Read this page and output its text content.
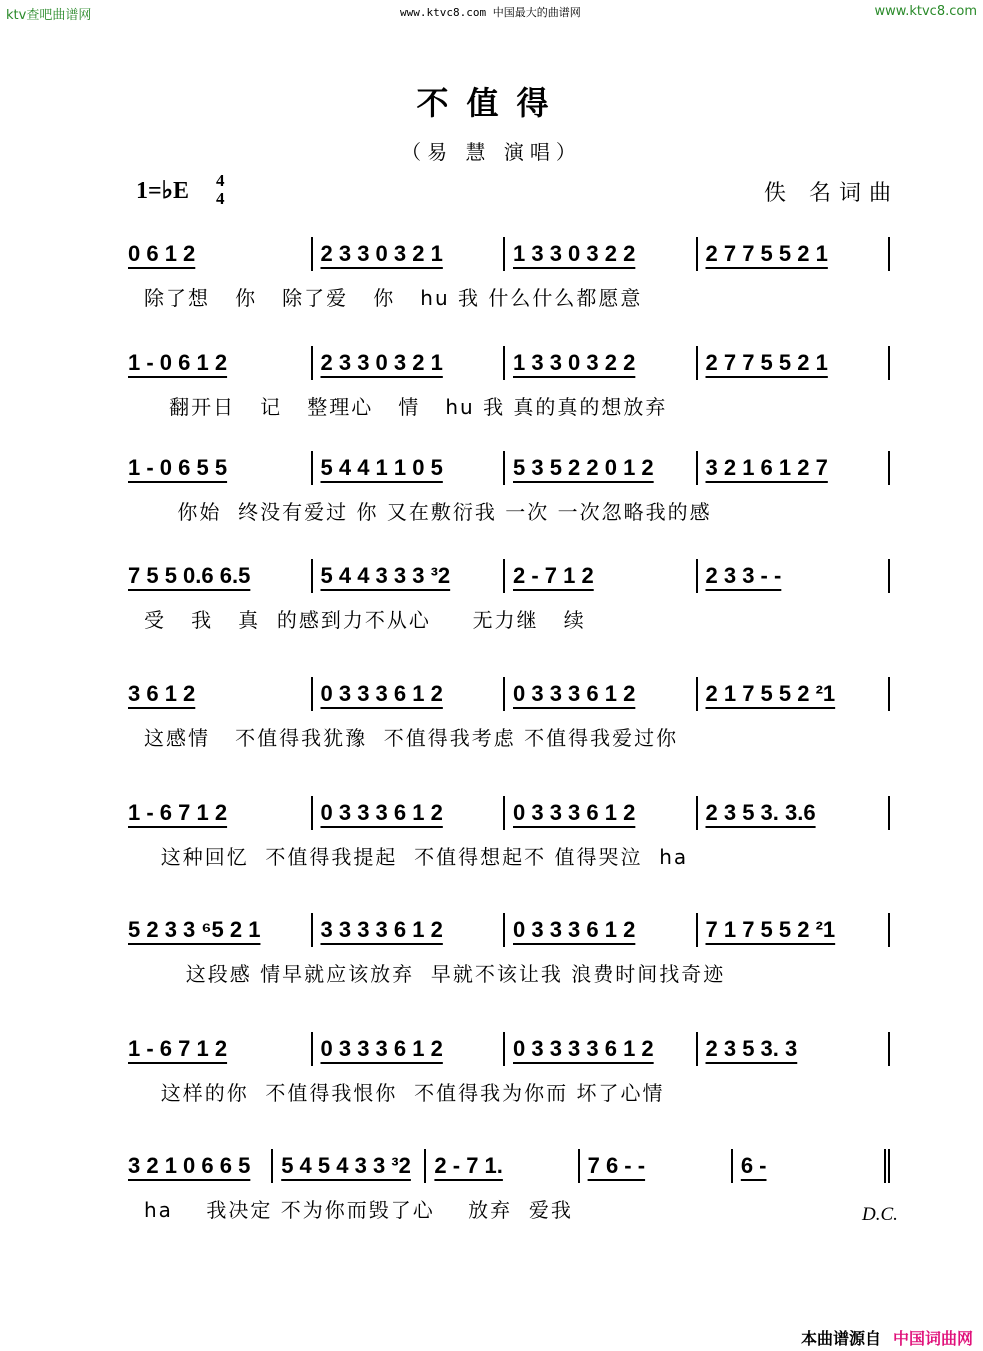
ktv查吧曲谱网	www.ktvc8.com 中国最大的曲谱网	www.ktvc8.com
不值得
（易 慧 演唱）
1=♭E 4
4	佚 名词曲
0 6 1 2	2 3 3 0 3 2 1	1 3 3 0 3 2 2	2 7 7 5 5 2 1
除了想   你   除了爱   你   hu 我 什么什么都愿意
1 - 0 6 1 2	2 3 3 0 3 2 1	1 3 3 0 3 2 2	2 7 7 5 5 2 1
翻开日   记   整理心   情   hu 我 真的真的想放弃
1 - 0 6 5 5	5 4 4 1 1 0 5	5 3 5 2 2 0 1 2	3 2 1 6 1 2 7
你始  终没有爱过 你 又在敷衍我 一次 一次忽略我的感
7 5 5 0.6 6.5	5 4 4 3 3 3 ³2	2 - 7 1 2	2 3 3 - -
受   我   真  的感到力不从心     无力继   续
3 6 1 2	0 3 3 3 6 1 2	0 3 3 3 6 1 2	2 1 7 5 5 2 ²1
这感情   不值得我犹豫  不值得我考虑 不值得我爱过你
1 - 6 7 1 2	0 3 3 3 6 1 2	0 3 3 3 6 1 2	2 3 5 3. 3.6
这种回忆  不值得我提起  不值得想起不 值得哭泣  ha
5 2 3 3 ⁶5 2 1	3 3 3 3 6 1 2	0 3 3 3 6 1 2	7 1 7 5 5 2 ²1
这段感 情早就应该放弃  早就不该让我 浪费时间找奇迹
1 - 6 7 1 2	0 3 3 3 6 1 2	0 3 3 3 3 6 1 2	2 3 5 3. 3
这样的你  不值得我恨你  不值得我为你而 坏了心情
3 2 1 0 6 6 5	5 4 5 4 3 3 ³2	2 - 7 1.	7 6 - -	6 -
ha    我决定 不为你而毁了心    放弃  爱我	D.C.
本曲谱源自 中国词曲网
